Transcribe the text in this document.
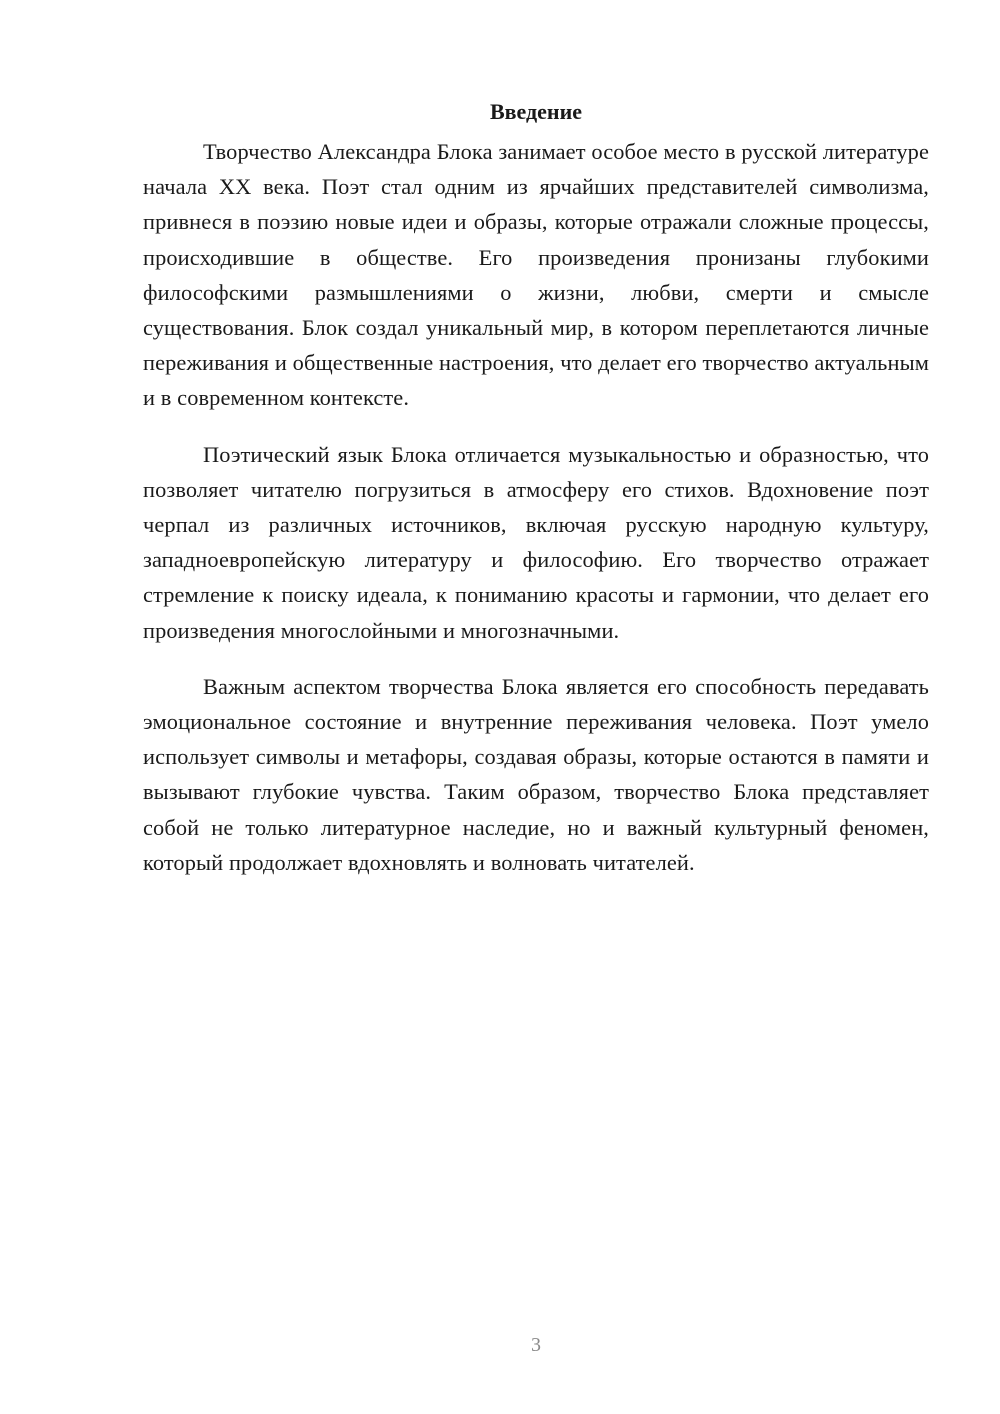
Введение

Творчество Александра Блока занимает особое место в русской литературе начала XX века. Поэт стал одним из ярчайших представителей символизма, привнеся в поэзию новые идеи и образы, которые отражали сложные процессы, происходившие в обществе. Его произведения пронизаны глубокими философскими размышлениями о жизни, любви, смерти и смысле существования. Блок создал уникальный мир, в котором переплетаются личные переживания и общественные настроения, что делает его творчество актуальным и в современном контексте.

Поэтический язык Блока отличается музыкальностью и образностью, что позволяет читателю погрузиться в атмосферу его стихов. Вдохновение поэт черпал из различных источников, включая русскую народную культуру, западноевропейскую литературу и философию. Его творчество отражает стремление к поиску идеала, к пониманию красоты и гармонии, что делает его произведения многослойными и многозначными.

Важным аспектом творчества Блока является его способность передавать эмоциональное состояние и внутренние переживания человека. Поэт умело использует символы и метафоры, создавая образы, которые остаются в памяти и вызывают глубокие чувства. Таким образом, творчество Блока представляет собой не только литературное наследие, но и важный культурный феномен, который продолжает вдохновлять и волновать читателей.

3
